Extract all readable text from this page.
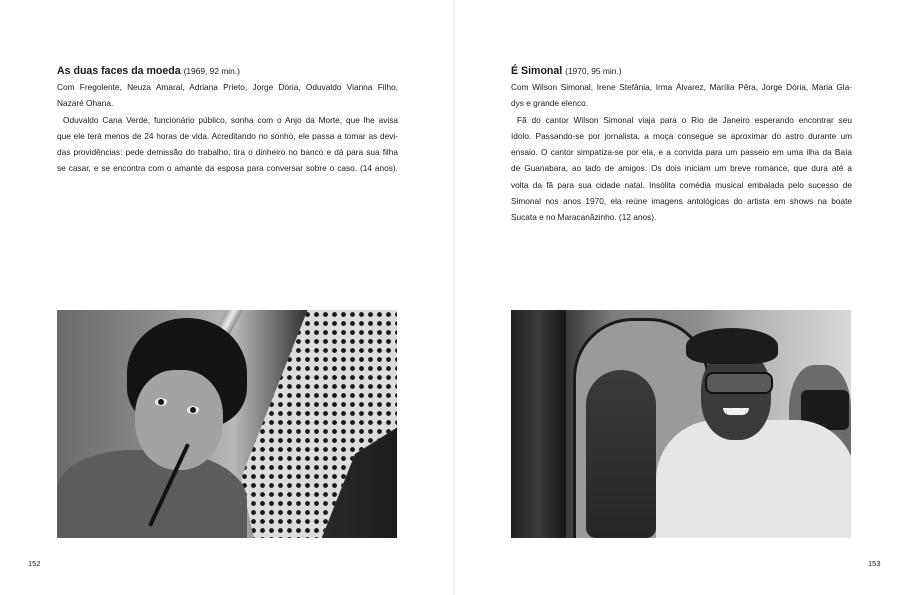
As duas faces da moeda (1969, 92 min.)
Com Fregolente, Neuza Amaral, Adriana Prieto, Jorge Dória, Oduvaldo Vianna Filho,
Nazaré Ohana.
Oduvaldo Cana Verde, funcionário público, sonha com o Anjo da Morte, que lhe avisa
que ele terá menos de 24 horas de vida. Acreditando no sonho, ele passa a tomar as devi-
das providências: pede demissão do trabalho, tira o dinheiro no banco e dá para sua filha
se casar, e se encontra com o amante da esposa para conversar sobre o caso. (14 anos).
152
É Simonal (1970, 95 min.)
Com Wilson Simonal, Irene Stefânia, Irma Álvarez, Marília Pêra, Jorge Dória, Maria Gla-
dys e grande elenco.
Fã do cantor Wilson Simonal viaja para o Rio de Janeiro esperando encontrar seu
ídolo. Passando-se por jornalista, a moça consegue se aproximar do astro durante um
ensaio. O cantor simpatiza-se por ela, e a convida para um passeio em uma ilha da Baía
de Guanabara, ao lado de amigos. Os dois iniciam um breve romance, que dura até a
volta da fã para sua cidade natal. Insólita comédia musical embalada pelo sucesso de
Simonal nos anos 1970, ela reúne imagens antológicas do artista em shows na boate
Sucata e no Maracanãzinho. (12 anos).
153
